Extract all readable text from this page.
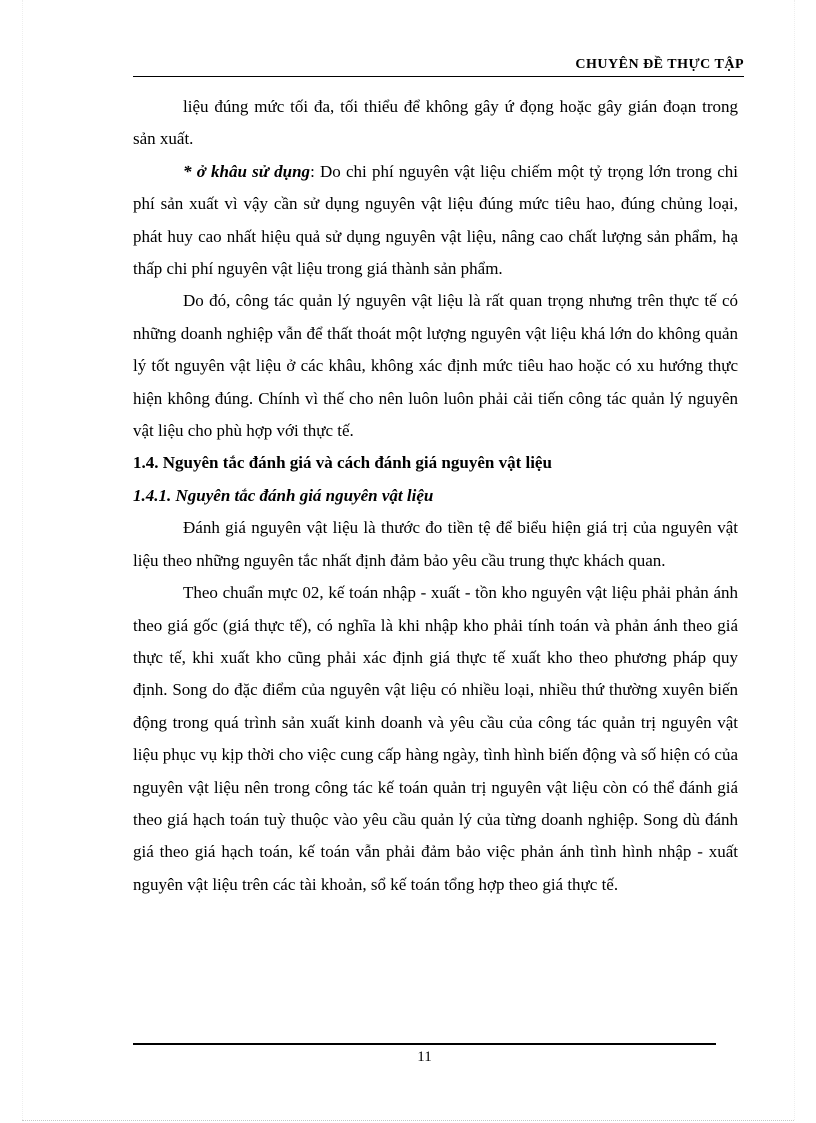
CHUYÊN ĐỀ THỰC TẬP

liệu đúng mức tối đa, tối thiểu để không gây ứ đọng hoặc gây gián đoạn trong sản xuất.

* ở khâu sử dụng: Do chi phí nguyên vật liệu chiếm một tỷ trọng lớn trong chi phí sản xuất vì vậy cần sử dụng nguyên vật liệu đúng mức tiêu hao, đúng chủng loại, phát huy cao nhất hiệu quả sử dụng nguyên vật liệu, nâng cao chất lượng sản phẩm, hạ thấp chi phí nguyên vật liệu trong giá thành sản phẩm.

Do đó, công tác quản lý nguyên vật liệu là rất quan trọng nhưng trên thực tế có những doanh nghiệp vẫn để thất thoát một lượng nguyên vật liệu khá lớn do không quản lý tốt nguyên vật liệu ở các khâu, không xác định mức tiêu hao hoặc có xu hướng thực hiện không đúng. Chính vì thế cho nên luôn luôn phải cải tiến công tác quản lý nguyên vật liệu cho phù hợp với thực tế.

1.4. Nguyên tắc đánh giá và cách đánh giá nguyên vật liệu
1.4.1. Nguyên tắc đánh giá nguyên vật liệu

Đánh giá nguyên vật liệu là thước đo tiền tệ để biểu hiện giá trị của nguyên vật liệu theo những nguyên tắc nhất định đảm bảo yêu cầu trung thực khách quan.

Theo chuẩn mực 02, kế toán nhập - xuất - tồn kho nguyên vật liệu phải phản ánh theo giá gốc (giá thực tế), có nghĩa là khi nhập kho phải tính toán và phản ánh theo giá thực tế, khi xuất kho cũng phải xác định giá thực tế xuất kho theo phương pháp quy định. Song do đặc điểm của nguyên vật liệu có nhiều loại, nhiều thứ thường xuyên biến động trong quá trình sản xuất kinh doanh và yêu cầu của công tác quản trị nguyên vật liệu phục vụ kịp thời cho việc cung cấp hàng ngày, tình hình biến động và số hiện có của nguyên vật liệu nên trong công tác kế toán quản trị nguyên vật liệu còn có thể đánh giá theo giá hạch toán tuỳ thuộc vào yêu cầu quản lý của từng doanh nghiệp. Song dù đánh giá theo giá hạch toán, kế toán vẫn phải đảm bảo việc phản ánh tình hình nhập - xuất nguyên vật liệu trên các tài khoản, sổ kế toán tổng hợp theo giá thực tế.

11
